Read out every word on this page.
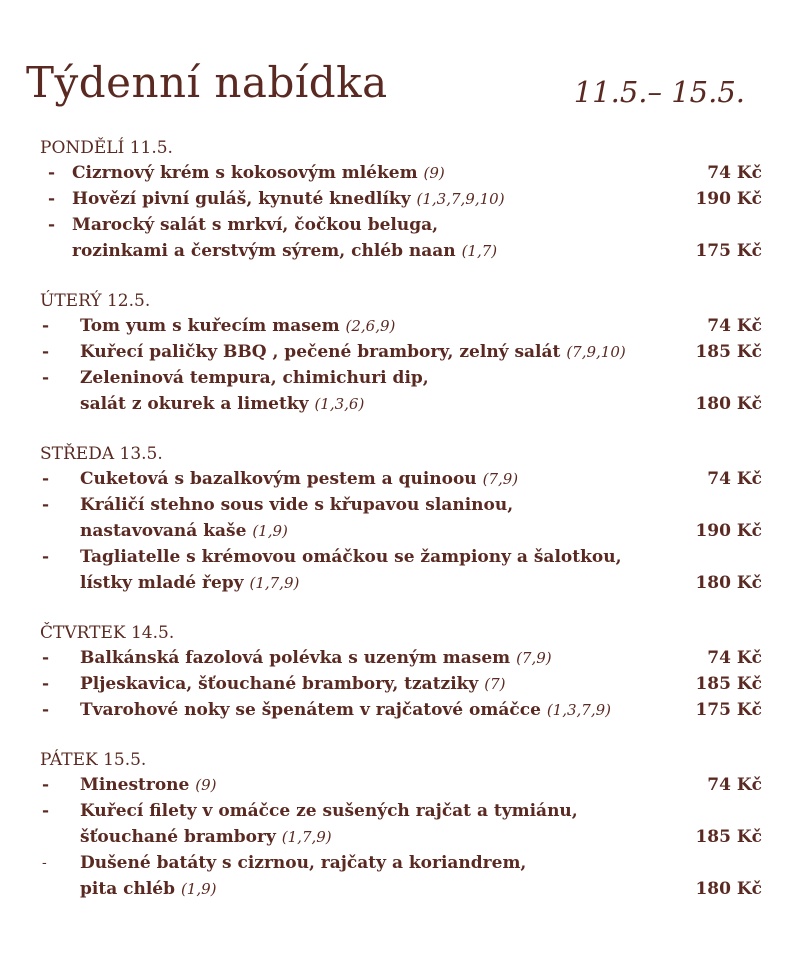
Týdenní nabídka	11.5.– 15.5.
PONDĚLÍ 11.5.
- Cizrnový krém s kokosovým mlékem (9)	74 Kč
- Hovězí pivní guláš, kynuté knedlíky (1,3,7,9,10)	190 Kč
- Marocký salát s mrkví, čočkou beluga,
rozinkami a čerstvým sýrem, chléb naan (1,7)	175 Kč
ÚTERÝ 12.5.
-	Tom yum s kuřecím masem (2,6,9)	74 Kč
-	Kuřecí paličky BBQ , pečené brambory, zelný salát (7,9,10)	185 Kč
-	Zeleninová tempura, chimichuri dip,
salát z okurek a limetky (1,3,6)	180 Kč
STŘEDA 13.5.
-	Cuketová s bazalkovým pestem a quinoou (7,9)	74 Kč
-	Králičí stehno sous vide s křupavou slaninou,
nastavovaná kaše (1,9)	190 Kč
-	Tagliatelle s krémovou omáčkou se žampiony a šalotkou,
lístky mladé řepy (1,7,9)	180 Kč
ČTVRTEK 14.5.
-	Balkánská fazolová polévka s uzeným masem (7,9)	74 Kč
-	Pljeskavica, šťouchané brambory, tzatziky (7)	185 Kč
-	Tvarohové noky se špenátem v rajčatové omáčce (1,3,7,9)	175 Kč
PÁTEK 15.5.
-	Minestrone (9)	74 Kč
-	Kuřecí filety v omáčce ze sušených rajčat a tymiánu,
šťouchané brambory (1,7,9)	185 Kč
-	Dušené batáty s cizrnou, rajčaty a koriandrem,
pita chléb (1,9)	180 Kč
